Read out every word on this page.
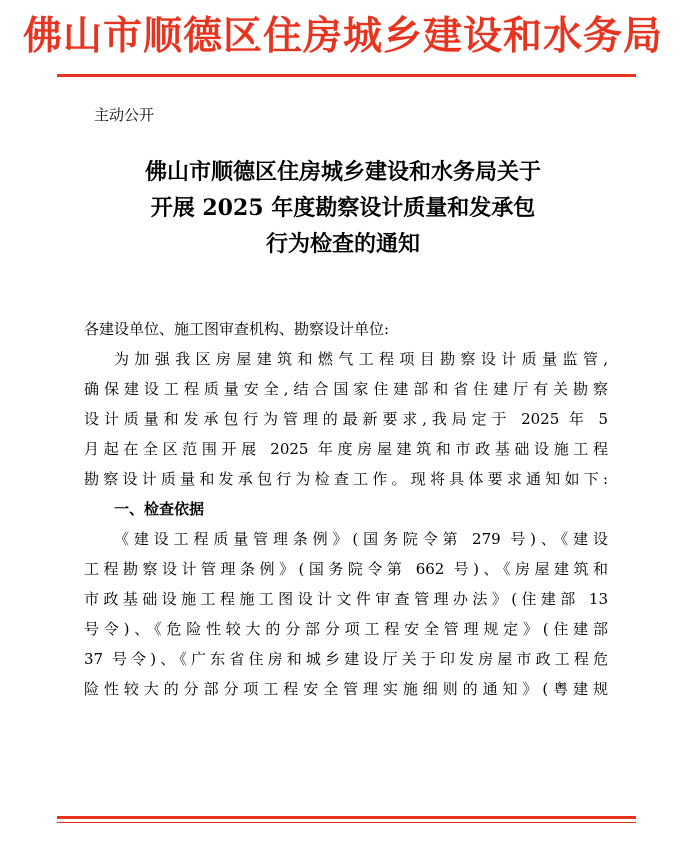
佛山市顺德区住房城乡建设和水务局
主动公开
佛山市顺德区住房城乡建设和水务局关于
开展 2025 年度勘察设计质量和发承包
行为检查的通知
各建设单位、施工图审查机构、勘察设计单位:
为加强我区房屋建筑和燃气工程项目勘察设计质量监管,
确保建设工程质量安全,结合国家住建部和省住建厅有关勘察
设计质量和发承包行为管理的最新要求,我局定于 2025 年 5
月起在全区范围开展 2025 年度房屋建筑和市政基础设施工程
勘察设计质量和发承包行为检查工作。现将具体要求通知如下:
一、检查依据
《建设工程质量管理条例》(国务院令第 279 号)、《建设
工程勘察设计管理条例》(国务院令第 662 号)、《房屋建筑和
市政基础设施工程施工图设计文件审查管理办法》(住建部 13
号令)、《危险性较大的分部分项工程安全管理规定》(住建部
37 号令)、《广东省住房和城乡建设厅关于印发房屋市政工程危
险性较大的分部分项工程安全管理实施细则的通知》(粤建规
